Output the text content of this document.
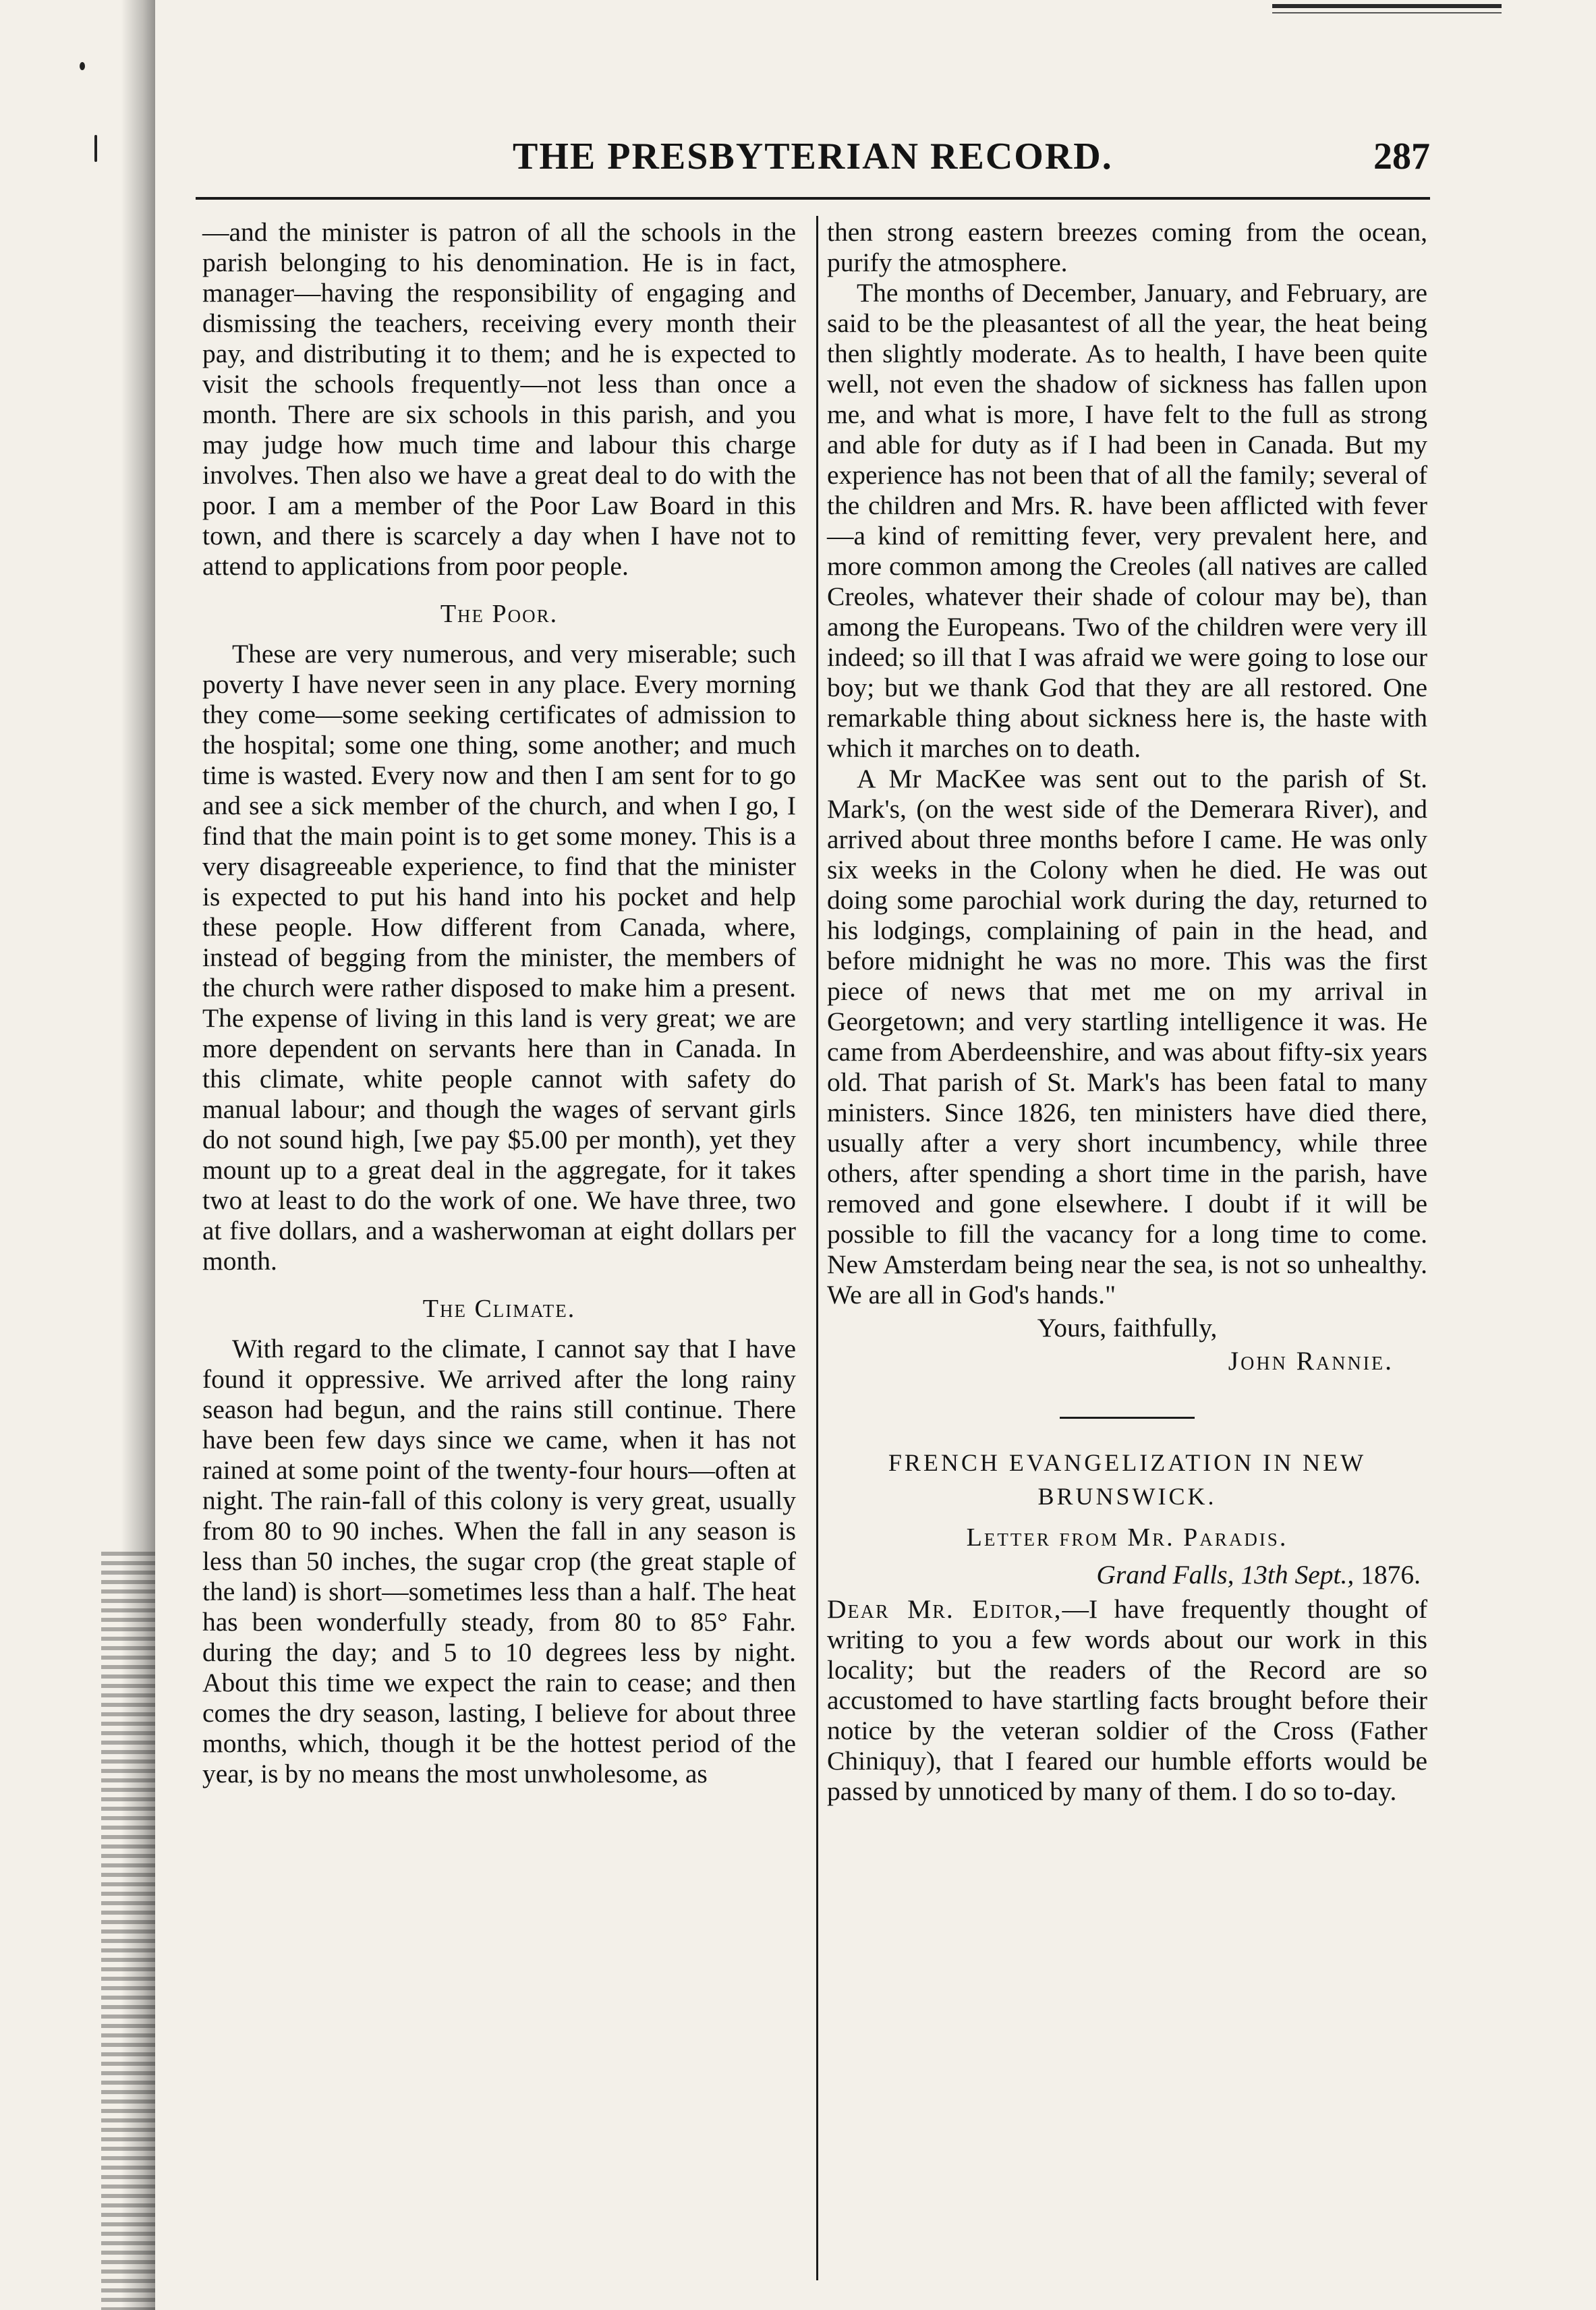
THE PRESBYTERIAN RECORD.	287

—and the minister is patron of all the schools in the parish belonging to his denomination. He is in fact, manager—having the responsibility of engaging and dismissing the teachers, receiving every month their pay, and distributing it to them; and he is expected to visit the schools frequently—not less than once a month. There are six schools in this parish, and you may judge how much time and labour this charge involves. Then also we have a great deal to do with the poor. I am a member of the Poor Law Board in this town, and there is scarcely a day when I have not to attend to applications from poor people.

The Poor.

These are very numerous, and very miserable; such poverty I have never seen in any place. Every morning they come—some seeking certificates of admission to the hospital; some one thing, some another; and much time is wasted. Every now and then I am sent for to go and see a sick member of the church, and when I go, I find that the main point is to get some money. This is a very disagreeable experience, to find that the minister is expected to put his hand into his pocket and help these people. How different from Canada, where, instead of begging from the minister, the members of the church were rather disposed to make him a present. The expense of living in this land is very great; we are more dependent on servants here than in Canada. In this climate, white people cannot with safety do manual labour; and though the wages of servant girls do not sound high, [we pay $5.00 per month), yet they mount up to a great deal in the aggregate, for it takes two at least to do the work of one. We have three, two at five dollars, and a washerwoman at eight dollars per month.

The Climate.

With regard to the climate, I cannot say that I have found it oppressive. We arrived after the long rainy season had begun, and the rains still continue. There have been few days since we came, when it has not rained at some point of the twenty-four hours—often at night. The rain-fall of this colony is very great, usually from 80 to 90 inches. When the fall in any season is less than 50 inches, the sugar crop (the great staple of the land) is short—sometimes less than a half. The heat has been wonderfully steady, from 80 to 85° Fahr. during the day; and 5 to 10 degrees less by night. About this time we expect the rain to cease; and then comes the dry season, lasting, I believe for about three months, which, though it be the hottest period of the year, is by no means the most unwholesome, as

then strong eastern breezes coming from the ocean, purify the atmosphere.

The months of December, January, and February, are said to be the pleasantest of all the year, the heat being then slightly moderate. As to health, I have been quite well, not even the shadow of sickness has fallen upon me, and what is more, I have felt to the full as strong and able for duty as if I had been in Canada. But my experience has not been that of all the family; several of the children and Mrs. R. have been afflicted with fever—a kind of remitting fever, very prevalent here, and more common among the Creoles (all natives are called Creoles, whatever their shade of colour may be), than among the Europeans. Two of the children were very ill indeed; so ill that I was afraid we were going to lose our boy; but we thank God that they are all restored. One remarkable thing about sickness here is, the haste with which it marches on to death.

A Mr MacKee was sent out to the parish of St. Mark's, (on the west side of the Demerara River), and arrived about three months before I came. He was only six weeks in the Colony when he died. He was out doing some parochial work during the day, returned to his lodgings, complaining of pain in the head, and before midnight he was no more. This was the first piece of news that met me on my arrival in Georgetown; and very startling intelligence it was. He came from Aberdeenshire, and was about fifty-six years old. That parish of St. Mark's has been fatal to many ministers. Since 1826, ten ministers have died there, usually after a very short incumbency, while three others, after spending a short time in the parish, have removed and gone elsewhere. I doubt if it will be possible to fill the vacancy for a long time to come. New Amsterdam being near the sea, is not so unhealthy. We are all in God's hands."

Yours, faithfully,
John Rannie.
FRENCH EVANGELIZATION IN NEW BRUNSWICK.
Letter from Mr. Paradis.
Grand Falls, 13th Sept., 1876.

Dear Mr. Editor,—I have frequently thought of writing to you a few words about our work in this locality; but the readers of the Record are so accustomed to have startling facts brought before their notice by the veteran soldier of the Cross (Father Chiniquy), that I feared our humble efforts would be passed by unnoticed by many of them. I do so to-day.
